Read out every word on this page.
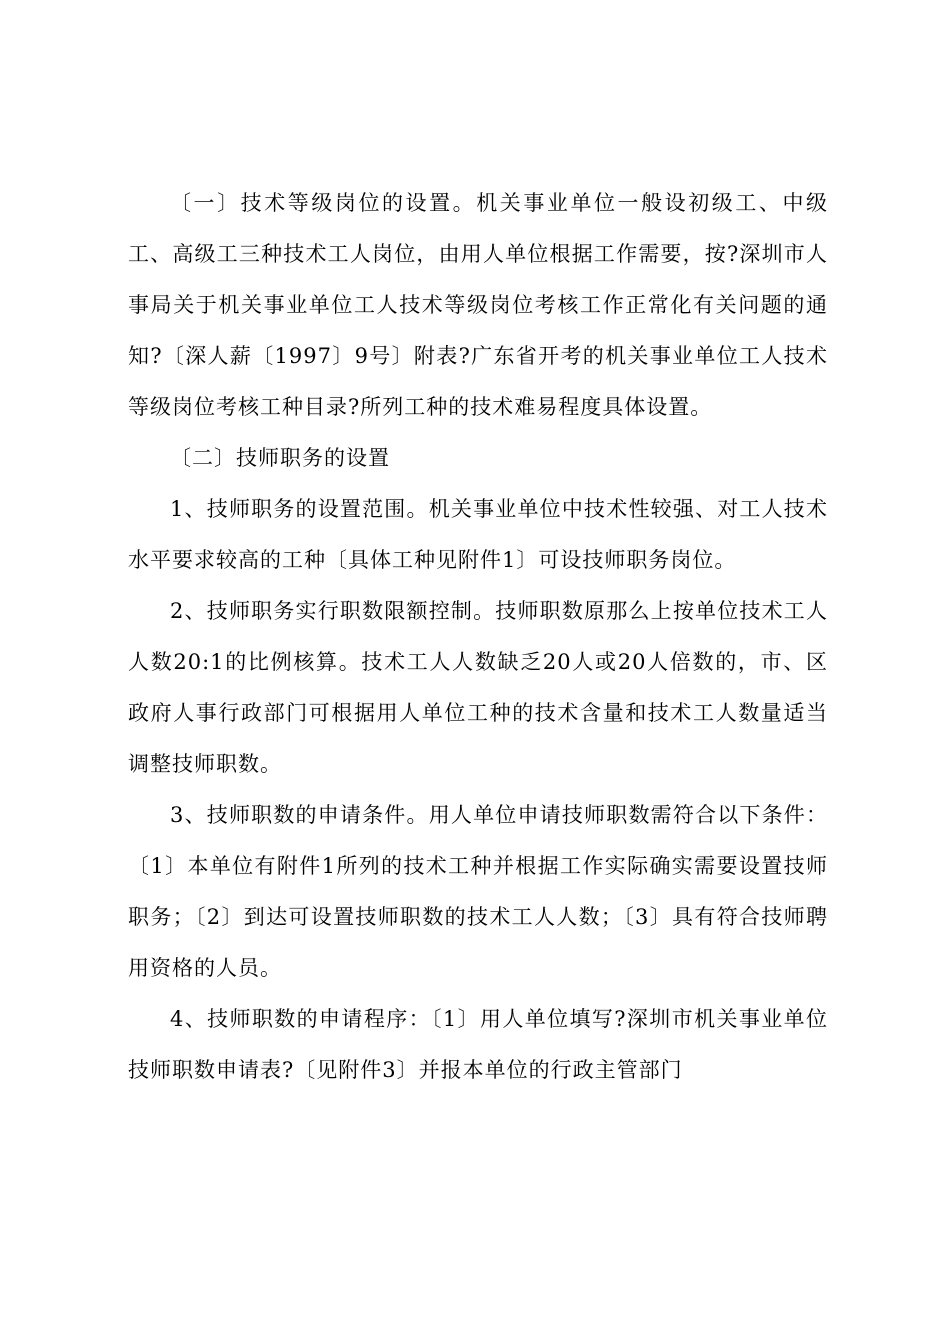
〔一〕技术等级岗位的设置。机关事业单位一般设初级工、中级工、高级工三种技术工人岗位，由用人单位根据工作需要，按?深圳市人事局关于机关事业单位工人技术等级岗位考核工作正常化有关问题的通知?〔深人薪〔1997〕9号〕附表?广东省开考的机关事业单位工人技术等级岗位考核工种目录?所列工种的技术难易程度具体设置。

〔二〕技师职务的设置

1、技师职务的设置范围。机关事业单位中技术性较强、对工人技术水平要求较高的工种〔具体工种见附件1〕可设技师职务岗位。

2、技师职务实行职数限额控制。技师职数原那么上按单位技术工人人数20:1的比例核算。技术工人人数缺乏20人或20人倍数的，市、区政府人事行政部门可根据用人单位工种的技术含量和技术工人数量适当调整技师职数。

3、技师职数的申请条件。用人单位申请技师职数需符合以下条件：〔1〕本单位有附件1所列的技术工种并根据工作实际确实需要设置技师职务；〔2〕到达可设置技师职数的技术工人人数；〔3〕具有符合技师聘用资格的人员。

4、技师职数的申请程序：〔1〕用人单位填写?深圳市机关事业单位技师职数申请表?〔见附件3〕并报本单位的行政主管部门
